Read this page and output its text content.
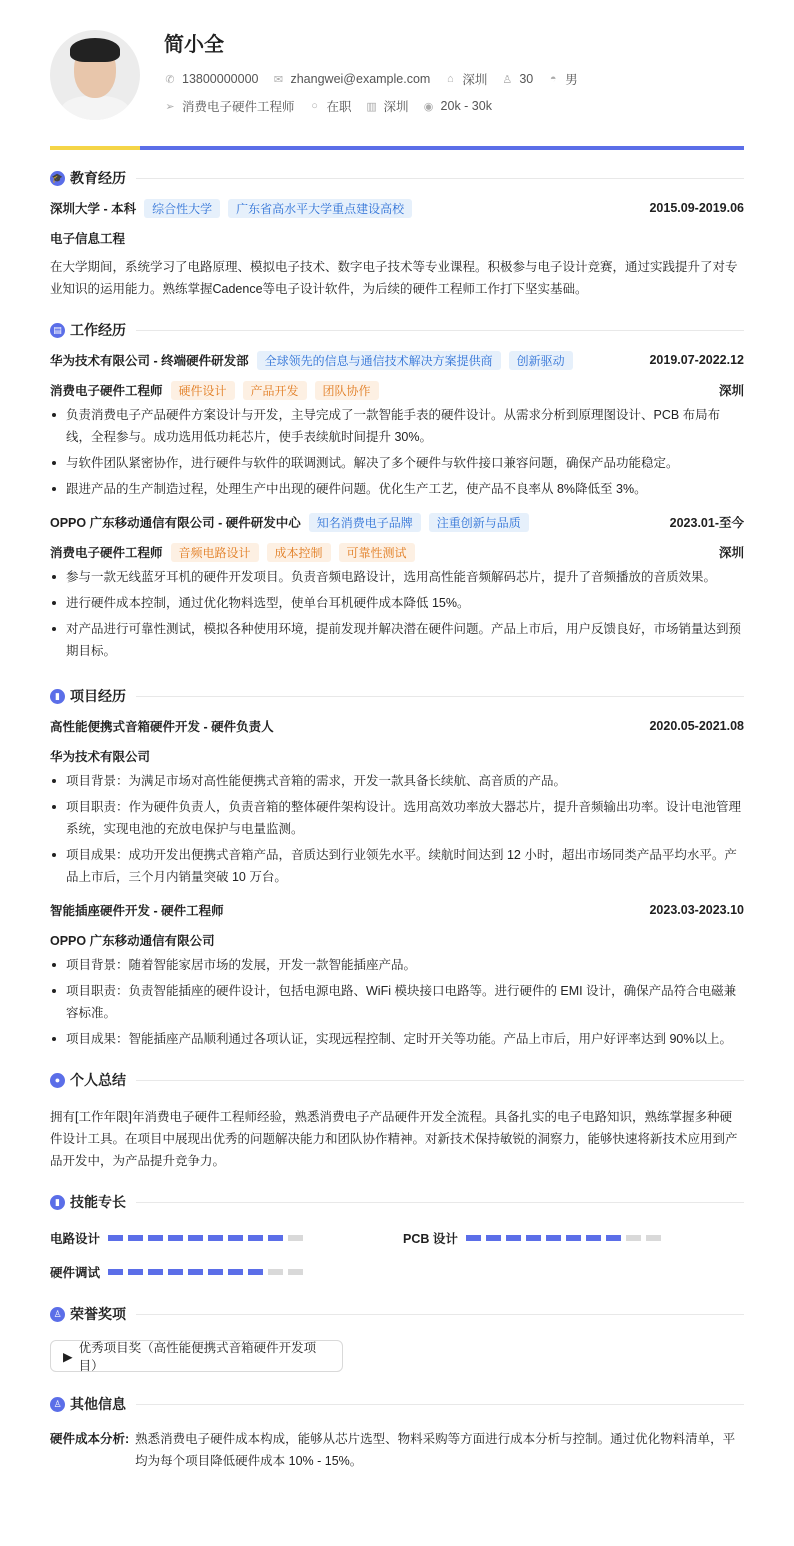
简小全
✆ 13800000000 ✉ zhangwei@example.com ⌂ 深圳 ♙ 30 ◓ 男
➢ 消费电子硬件工程师 ○ 在职 ▥ 深圳 ◉ 20k - 30k
🎓 教育经历
深圳大学 - 本科	综合性大学	广东省高水平大学重点建设高校	2015.09-2019.06
电子信息工程
在大学期间，系统学习了电路原理、模拟电子技术、数字电子技术等专业课程。积极参与电子设计竞赛，通过实践提升了对专业知识的运用能力。熟练掌握Cadence等电子设计软件，为后续的硬件工程师工作打下坚实基础。
▤ 工作经历
华为技术有限公司 - 终端硬件研发部	全球领先的信息与通信技术解决方案提供商	创新驱动	2019.07-2022.12
消费电子硬件工程师	硬件设计	产品开发	团队协作	深圳
负责消费电子产品硬件方案设计与开发，主导完成了一款智能手表的硬件设计。从需求分析到原理图设计、PCB 布局布线，全程参与。成功选用低功耗芯片，使手表续航时间提升 30%。
与软件团队紧密协作，进行硬件与软件的联调测试。解决了多个硬件与软件接口兼容问题，确保产品功能稳定。
跟进产品的生产制造过程，处理生产中出现的硬件问题。优化生产工艺，使产品不良率从 8%降低至 3%。
OPPO 广东移动通信有限公司 - 硬件研发中心	知名消费电子品牌	注重创新与品质	2023.01-至今
消费电子硬件工程师	音频电路设计	成本控制	可靠性测试	深圳
参与一款无线蓝牙耳机的硬件开发项目。负责音频电路设计，选用高性能音频解码芯片，提升了音频播放的音质效果。
进行硬件成本控制，通过优化物料选型，使单台耳机硬件成本降低 15%。
对产品进行可靠性测试，模拟各种使用环境，提前发现并解决潜在硬件问题。产品上市后，用户反馈良好，市场销量达到预期目标。
▮ 项目经历
高性能便携式音箱硬件开发 - 硬件负责人	2020.05-2021.08
华为技术有限公司
项目背景：为满足市场对高性能便携式音箱的需求，开发一款具备长续航、高音质的产品。
项目职责：作为硬件负责人，负责音箱的整体硬件架构设计。选用高效功率放大器芯片，提升音频输出功率。设计电池管理系统，实现电池的充放电保护与电量监测。
项目成果：成功开发出便携式音箱产品，音质达到行业领先水平。续航时间达到 12 小时，超出市场同类产品平均水平。产品上市后，三个月内销量突破 10 万台。
智能插座硬件开发 - 硬件工程师	2023.03-2023.10
OPPO 广东移动通信有限公司
项目背景：随着智能家居市场的发展，开发一款智能插座产品。
项目职责：负责智能插座的硬件设计，包括电源电路、WiFi 模块接口电路等。进行硬件的 EMI 设计，确保产品符合电磁兼容标准。
项目成果：智能插座产品顺利通过各项认证，实现远程控制、定时开关等功能。产品上市后，用户好评率达到 90%以上。
● 个人总结
拥有[工作年限]年消费电子硬件工程师经验，熟悉消费电子产品硬件开发全流程。具备扎实的电子电路知识，熟练掌握多种硬件设计工具。在项目中展现出优秀的问题解决能力和团队协作精神。对新技术保持敏锐的洞察力，能够快速将新技术应用到产品开发中，为产品提升竞争力。
▮ 技能专长
电路设计	PCB 设计
硬件调试
♙ 荣誉奖项
▶
优秀项目奖（高性能便携式音箱硬件开发项目）
♙ 其他信息
硬件成本分析: 熟悉消费电子硬件成本构成，能够从芯片选型、物料采购等方面进行成本分析与控制。通过优化物料清单，平均为每个项目降低硬件成本 10% - 15%。
